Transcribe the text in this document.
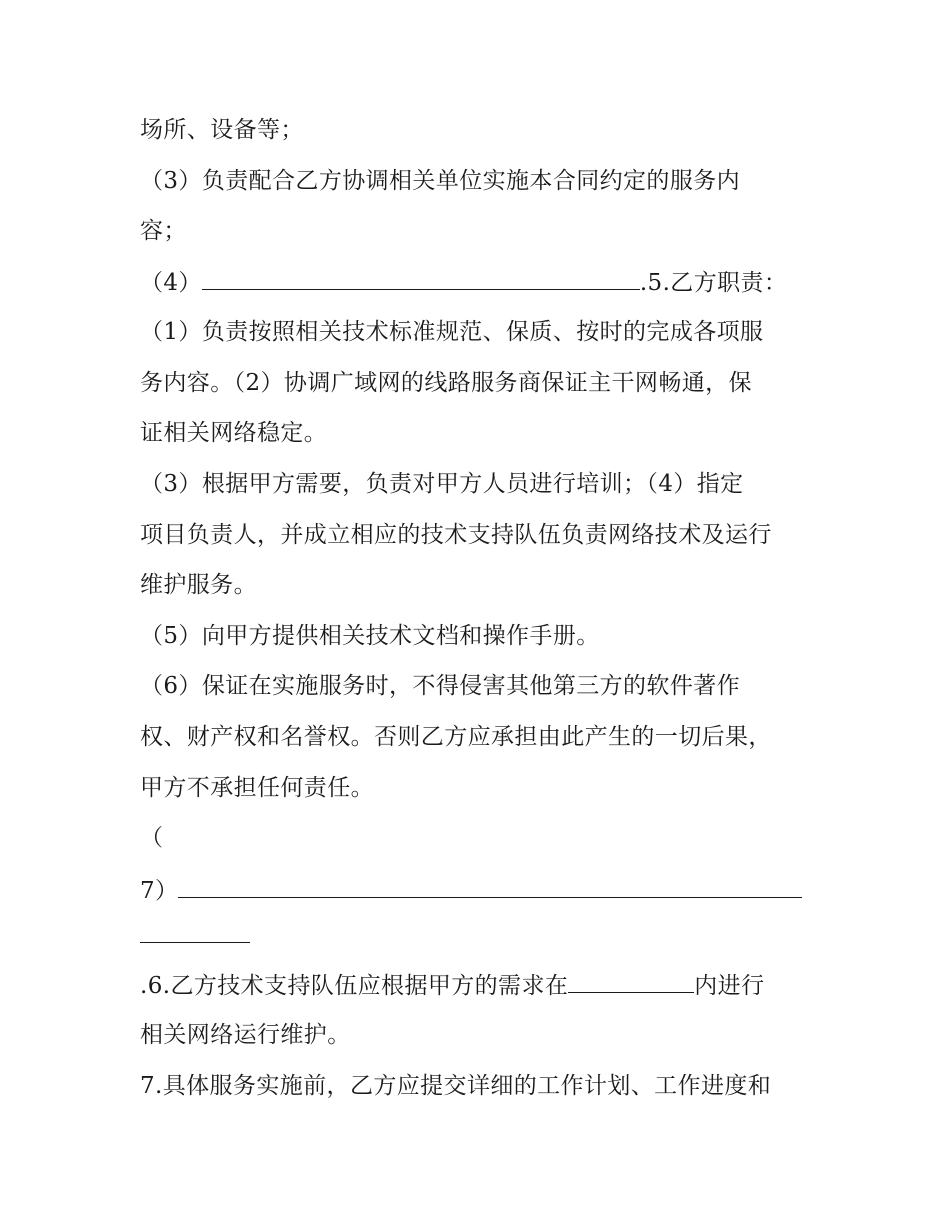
场所、设备等；
（3）负责配合乙方协调相关单位实施本合同约定的服务内
容；
（4）	.5.乙方职责：
（1）负责按照相关技术标准规范、保质、按时的完成各项服
务内容。（2）协调广域网的线路服务商保证主干网畅通，保
证相关网络稳定。
（3）根据甲方需要，负责对甲方人员进行培训；（4）指定
项目负责人，并成立相应的技术支持队伍负责网络技术及运行
维护服务。
（5）向甲方提供相关技术文档和操作手册。
（6）保证在实施服务时，不得侵害其他第三方的软件著作
权、财产权和名誉权。否则乙方应承担由此产生的一切后果，
甲方不承担任何责任。
（
7）
.6.乙方技术支持队伍应根据甲方的需求在	内进行
相关网络运行维护。
7.具体服务实施前，乙方应提交详细的工作计划、工作进度和
